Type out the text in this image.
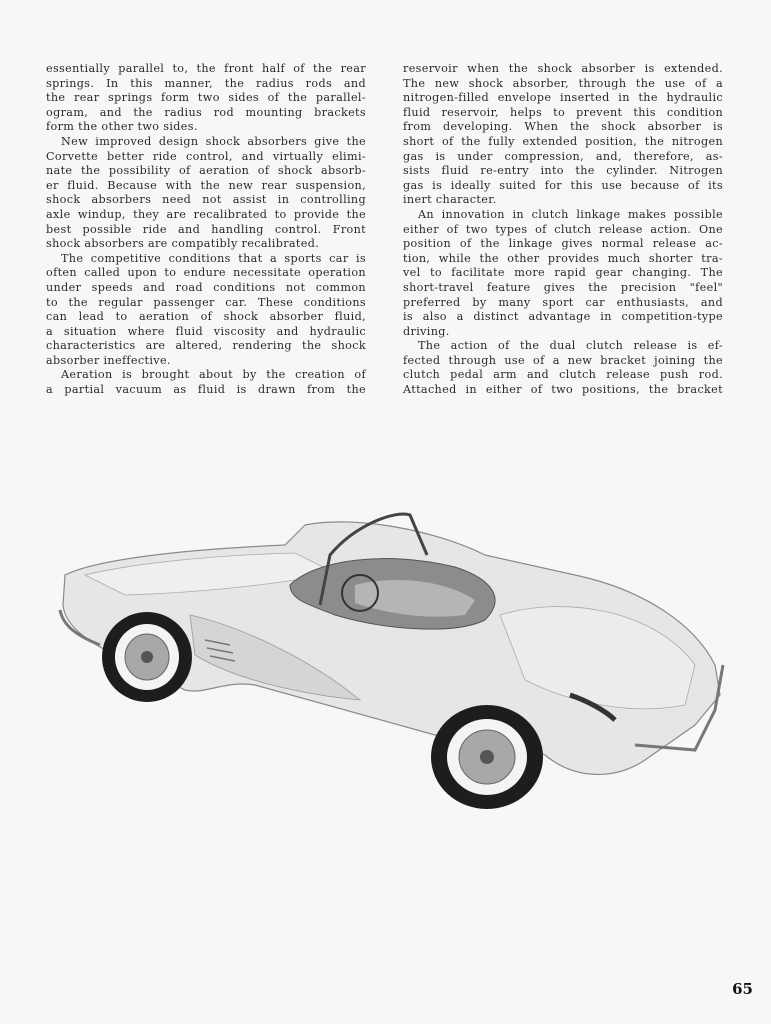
essentially parallel to, the front half of the rear
springs. In this manner, the radius rods and
the rear springs form two sides of the parallel-
ogram, and the radius rod mounting brackets
form the other two sides.
New improved design shock absorbers give the
Corvette better ride control, and virtually elimi-
nate the possibility of aeration of shock absorb-
er fluid. Because with the new rear suspension,
shock absorbers need not assist in controlling
axle windup, they are recalibrated to provide the
best possible ride and handling control. Front
shock absorbers are compatibly recalibrated.
The competitive conditions that a sports car is
often called upon to endure necessitate operation
under speeds and road conditions not common
to the regular passenger car. These conditions
can lead to aeration of shock absorber fluid,
a situation where fluid viscosity and hydraulic
characteristics are altered, rendering the shock
absorber ineffective.
Aeration is brought about by the creation of
a partial vacuum as fluid is drawn from the
reservoir when the shock absorber is extended.
The new shock absorber, through the use of a
nitrogen-filled envelope inserted in the hydraulic
fluid reservoir, helps to prevent this condition
from developing. When the shock absorber is
short of the fully extended position, the nitrogen
gas is under compression, and, therefore, as-
sists fluid re-entry into the cylinder. Nitrogen
gas is ideally suited for this use because of its
inert character.
An innovation in clutch linkage makes possible
either of two types of clutch release action. One
position of the linkage gives normal release ac-
tion, while the other provides much shorter tra-
vel to facilitate more rapid gear changing. The
short-travel feature gives the precision "feel"
preferred by many sport car enthusiasts, and
is also a distinct advantage in competition-type
driving.
The action of the dual clutch release is ef-
fected through use of a new bracket joining the
clutch pedal arm and clutch release push rod.
Attached in either of two positions, the bracket
65
